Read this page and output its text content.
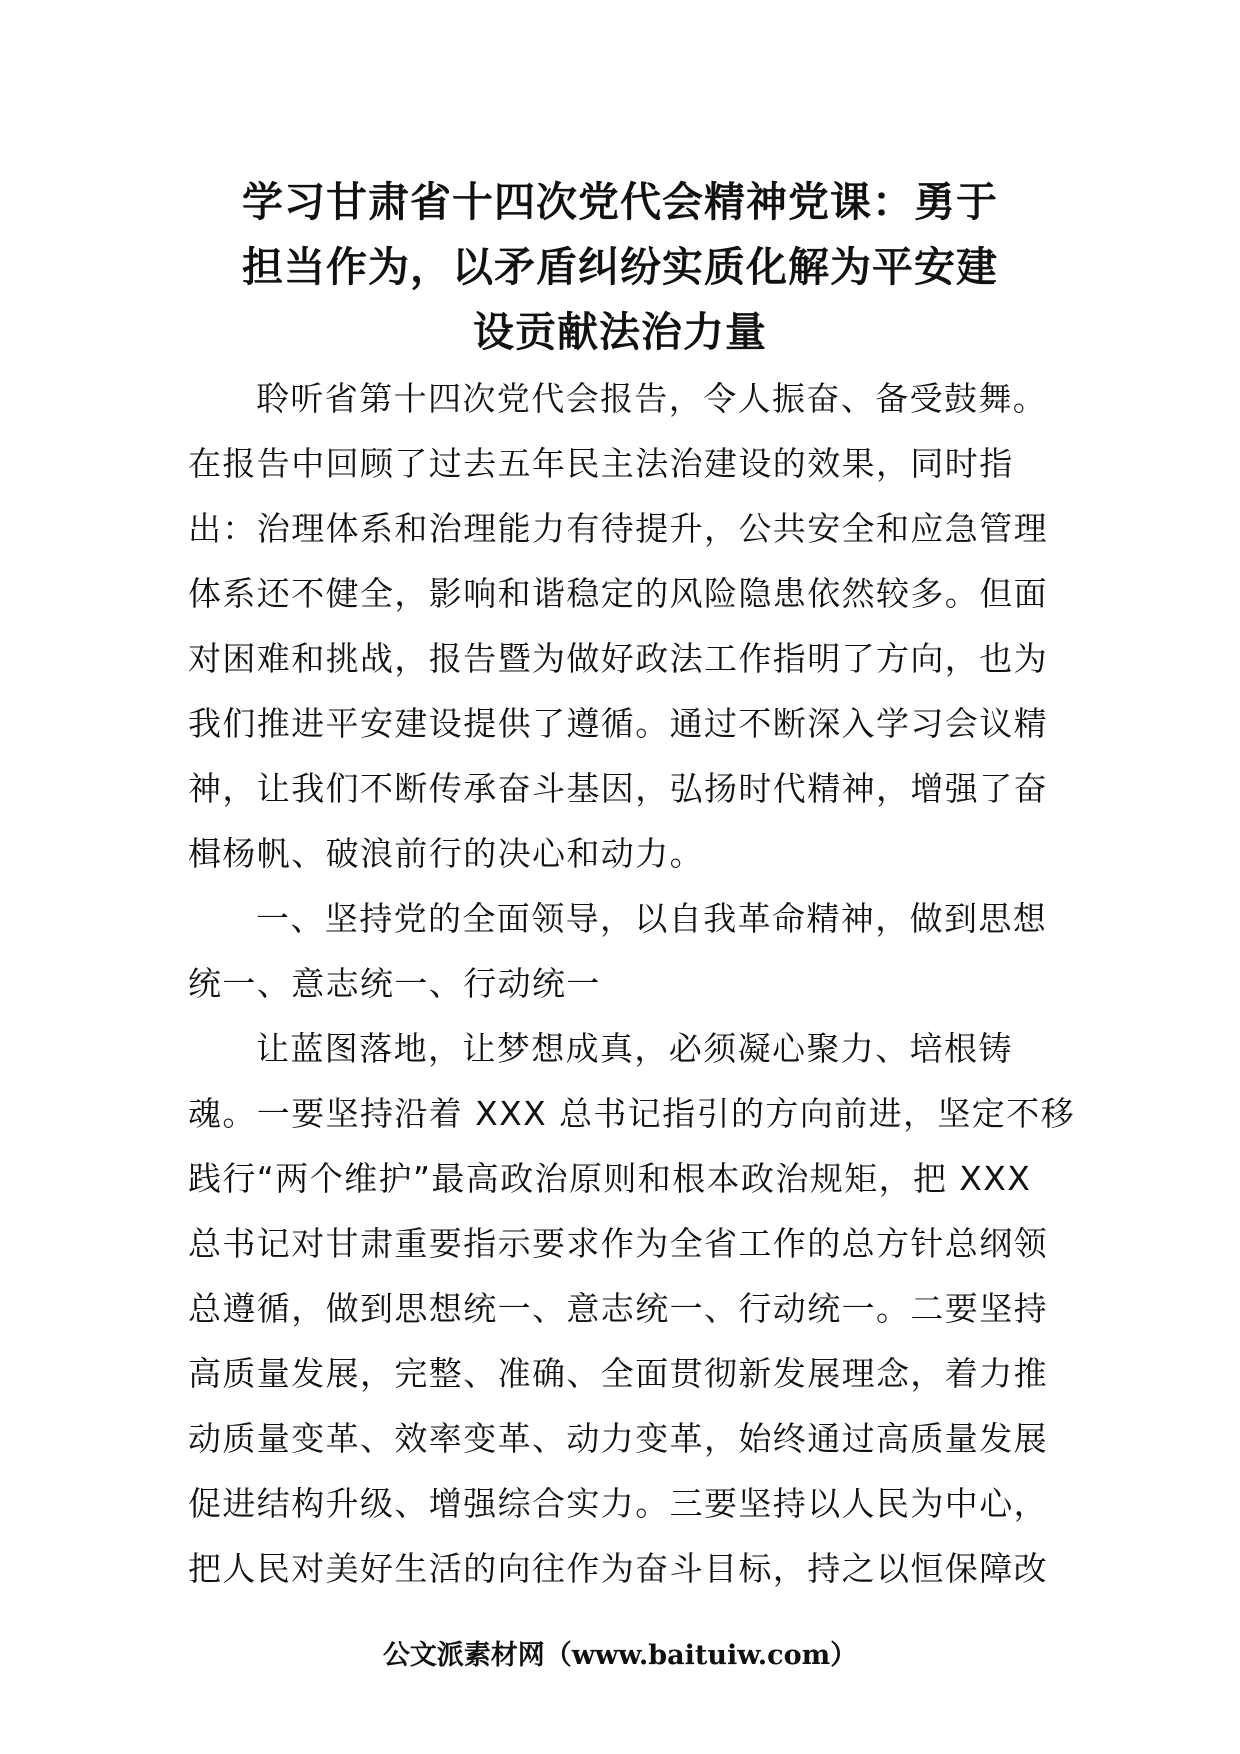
学习甘肃省十四次党代会精神党课：勇于
担当作为，以矛盾纠纷实质化解为平安建
设贡献法治力量
聆听省第十四次党代会报告，令人振奋、备受鼓舞。
在报告中回顾了过去五年民主法治建设的效果，同时指
出：治理体系和治理能力有待提升，公共安全和应急管理
体系还不健全，影响和谐稳定的风险隐患依然较多。但面
对困难和挑战，报告暨为做好政法工作指明了方向，也为
我们推进平安建设提供了遵循。通过不断深入学习会议精
神，让我们不断传承奋斗基因，弘扬时代精神，增强了奋
楫杨帆、破浪前行的决心和动力。
一、坚持党的全面领导，以自我革命精神，做到思想
统一、意志统一、行动统一
让蓝图落地，让梦想成真，必须凝心聚力、培根铸
魂。一要坚持沿着 XXX 总书记指引的方向前进，坚定不移
践行“两个维护”最高政治原则和根本政治规矩，把 XXX
总书记对甘肃重要指示要求作为全省工作的总方针总纲领
总遵循，做到思想统一、意志统一、行动统一。二要坚持
高质量发展，完整、准确、全面贯彻新发展理念，着力推
动质量变革、效率变革、动力变革，始终通过高质量发展
促进结构升级、增强综合实力。三要坚持以人民为中心，
把人民对美好生活的向往作为奋斗目标，持之以恒保障改
公文派素材网（www.baituiw.com）
